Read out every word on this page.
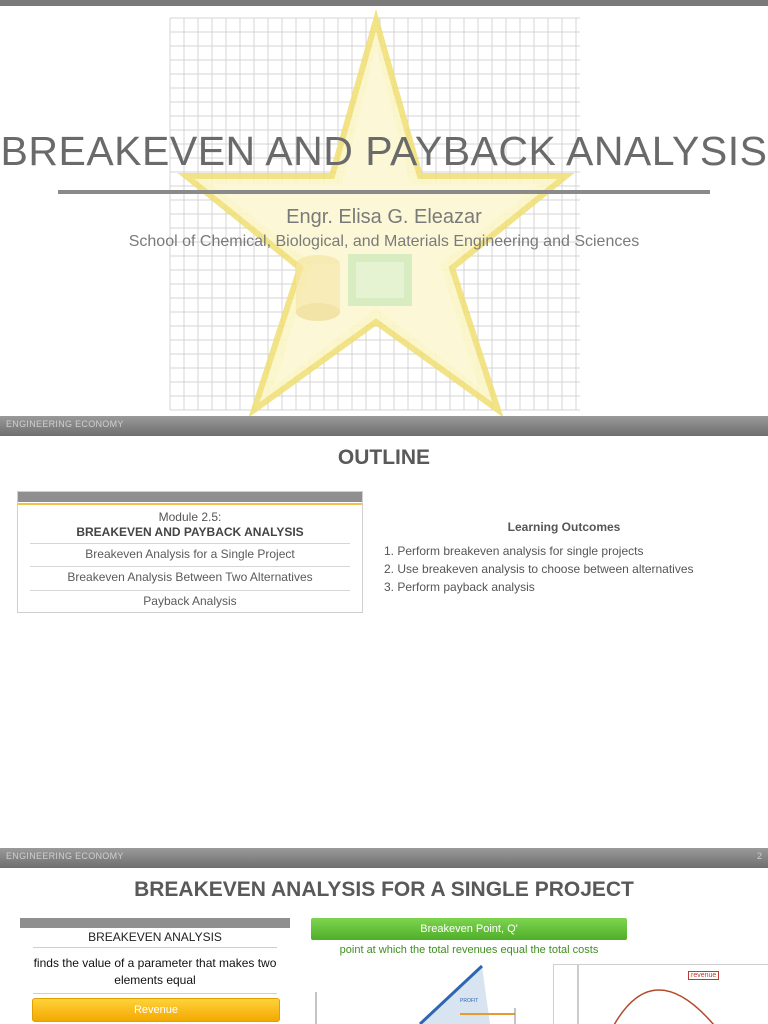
BREAKEVEN AND PAYBACK ANALYSIS
Engr. Elisa G. Eleazar
School of Chemical, Biological, and Materials Engineering and Sciences
ENGINEERING ECONOMY
OUTLINE
Module 2.5:
BREAKEVEN AND PAYBACK ANALYSIS
Breakeven Analysis for a Single Project
Breakeven Analysis Between Two Alternatives
Payback Analysis
Learning Outcomes
1. Perform breakeven analysis for single projects
2. Use breakeven analysis to choose between alternatives
3. Perform payback analysis
ENGINEERING ECONOMY	2
BREAKEVEN ANALYSIS FOR A SINGLE PROJECT
BREAKEVEN ANALYSIS
finds the value of a parameter that makes two elements equal
Revenue
Breakeven Point, Q'
point at which the total revenues equal the total costs
PROFIT
revenue
